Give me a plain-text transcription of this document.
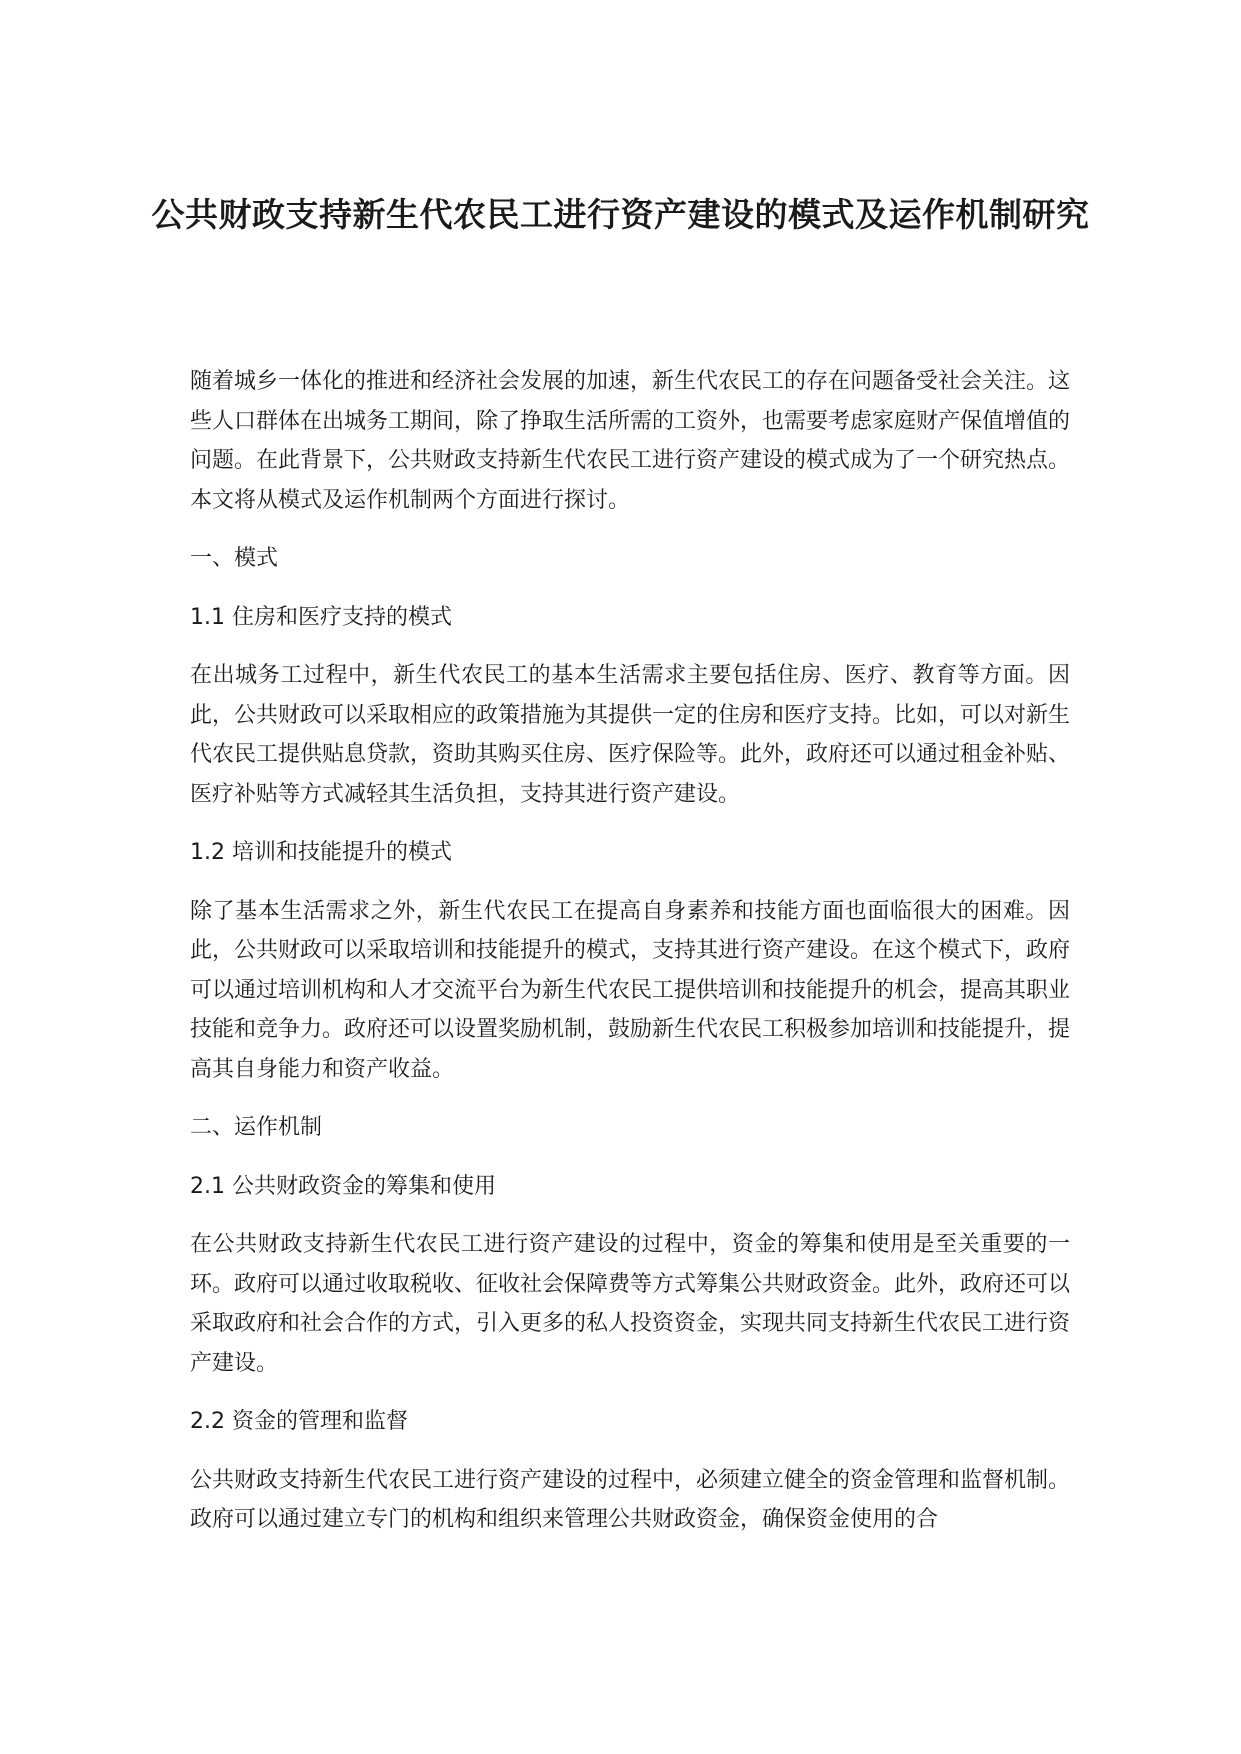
公共财政支持新生代农民工进行资产建设的模式及运作机制研究

随着城乡一体化的推进和经济社会发展的加速，新生代农民工的存在问题备受社会关注。这些人口群体在出城务工期间，除了挣取生活所需的工资外，也需要考虑家庭财产保值增值的问题。在此背景下，公共财政支持新生代农民工进行资产建设的模式成为了一个研究热点。本文将从模式及运作机制两个方面进行探讨。

一、模式

1.1 住房和医疗支持的模式

在出城务工过程中，新生代农民工的基本生活需求主要包括住房、医疗、教育等方面。因此，公共财政可以采取相应的政策措施为其提供一定的住房和医疗支持。比如，可以对新生代农民工提供贴息贷款，资助其购买住房、医疗保险等。此外，政府还可以通过租金补贴、医疗补贴等方式减轻其生活负担，支持其进行资产建设。

1.2 培训和技能提升的模式

除了基本生活需求之外，新生代农民工在提高自身素养和技能方面也面临很大的困难。因此，公共财政可以采取培训和技能提升的模式，支持其进行资产建设。在这个模式下，政府可以通过培训机构和人才交流平台为新生代农民工提供培训和技能提升的机会，提高其职业技能和竞争力。政府还可以设置奖励机制，鼓励新生代农民工积极参加培训和技能提升，提高其自身能力和资产收益。

二、运作机制

2.1 公共财政资金的筹集和使用

在公共财政支持新生代农民工进行资产建设的过程中，资金的筹集和使用是至关重要的一环。政府可以通过收取税收、征收社会保障费等方式筹集公共财政资金。此外，政府还可以采取政府和社会合作的方式，引入更多的私人投资资金，实现共同支持新生代农民工进行资产建设。

2.2 资金的管理和监督

公共财政支持新生代农民工进行资产建设的过程中，必须建立健全的资金管理和监督机制。政府可以通过建立专门的机构和组织来管理公共财政资金，确保资金使用的合
